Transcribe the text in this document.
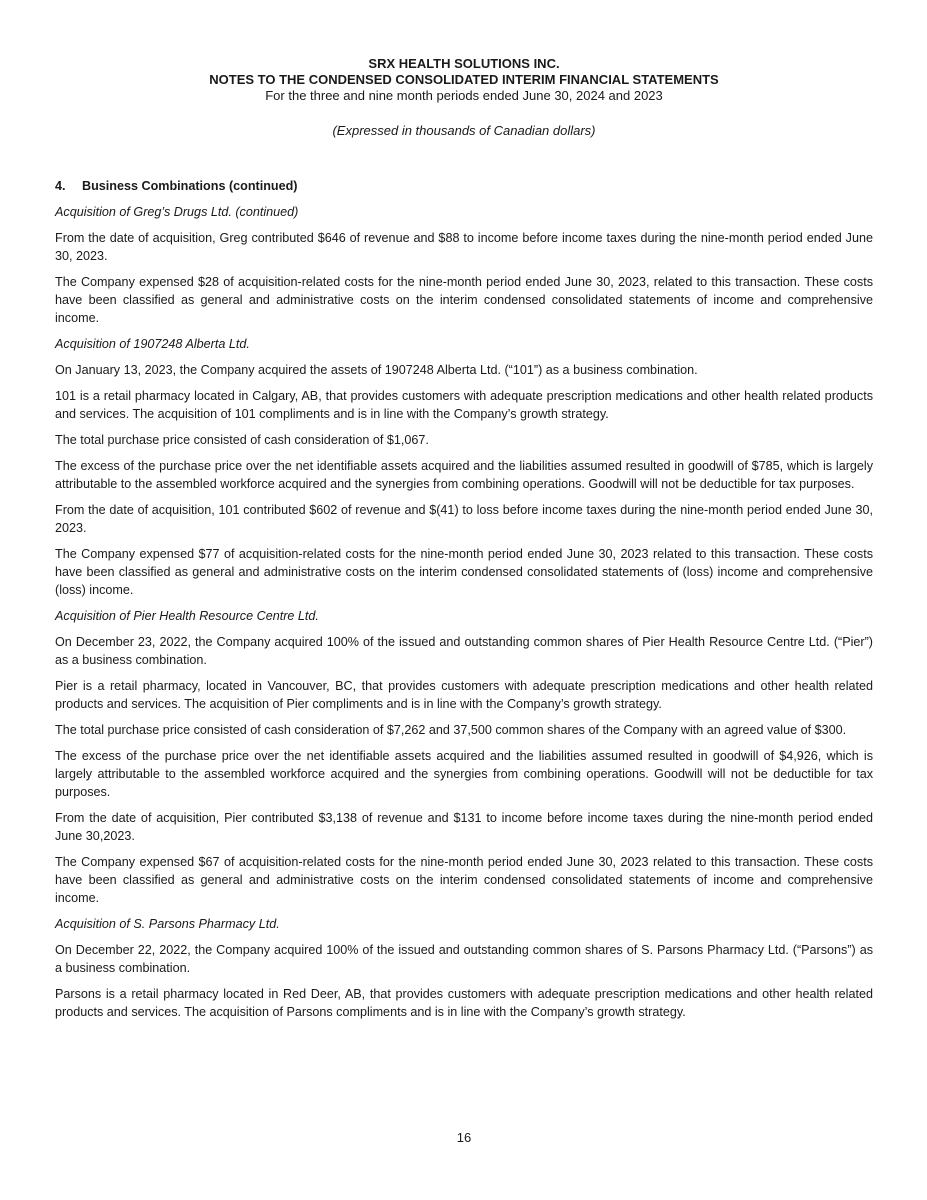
SRX HEALTH SOLUTIONS INC.
NOTES TO THE CONDENSED CONSOLIDATED INTERIM FINANCIAL STATEMENTS
For the three and nine month periods ended June 30, 2024 and 2023
(Expressed in thousands of Canadian dollars)
4. Business Combinations (continued)
Acquisition of Greg’s Drugs Ltd. (continued)

From the date of acquisition, Greg contributed $646 of revenue and $88 to income before income taxes during the nine-month period ended June 30, 2023.

The Company expensed $28 of acquisition-related costs for the nine-month period ended June 30, 2023, related to this transaction. These costs have been classified as general and administrative costs on the interim condensed consolidated statements of income and comprehensive income.

Acquisition of 1907248 Alberta Ltd.

On January 13, 2023, the Company acquired the assets of 1907248 Alberta Ltd. (“101”) as a business combination.

101 is a retail pharmacy located in Calgary, AB, that provides customers with adequate prescription medications and other health related products and services. The acquisition of 101 compliments and is in line with the Company’s growth strategy.

The total purchase price consisted of cash consideration of $1,067.

The excess of the purchase price over the net identifiable assets acquired and the liabilities assumed resulted in goodwill of $785, which is largely attributable to the assembled workforce acquired and the synergies from combining operations. Goodwill will not be deductible for tax purposes.

From the date of acquisition, 101 contributed $602 of revenue and $(41) to loss before income taxes during the nine-month period ended June 30, 2023.

The Company expensed $77 of acquisition-related costs for the nine-month period ended June 30, 2023 related to this transaction. These costs have been classified as general and administrative costs on the interim condensed consolidated statements of (loss) income and comprehensive (loss) income.

Acquisition of Pier Health Resource Centre Ltd.

On December 23, 2022, the Company acquired 100% of the issued and outstanding common shares of Pier Health Resource Centre Ltd. (“Pier”) as a business combination.

Pier is a retail pharmacy, located in Vancouver, BC, that provides customers with adequate prescription medications and other health related products and services. The acquisition of Pier compliments and is in line with the Company’s growth strategy.

The total purchase price consisted of cash consideration of $7,262 and 37,500 common shares of the Company with an agreed value of $300.

The excess of the purchase price over the net identifiable assets acquired and the liabilities assumed resulted in goodwill of $4,926, which is largely attributable to the assembled workforce acquired and the synergies from combining operations. Goodwill will not be deductible for tax purposes.

From the date of acquisition, Pier contributed $3,138 of revenue and $131 to income before income taxes during the nine-month period ended June 30,2023.

The Company expensed $67 of acquisition-related costs for the nine-month period ended June 30, 2023 related to this transaction. These costs have been classified as general and administrative costs on the interim condensed consolidated statements of income and comprehensive income.

Acquisition of S. Parsons Pharmacy Ltd.

On December 22, 2022, the Company acquired 100% of the issued and outstanding common shares of S. Parsons Pharmacy Ltd. (“Parsons”) as a business combination.

Parsons is a retail pharmacy located in Red Deer, AB, that provides customers with adequate prescription medications and other health related products and services. The acquisition of Parsons compliments and is in line with the Company’s growth strategy.

16
